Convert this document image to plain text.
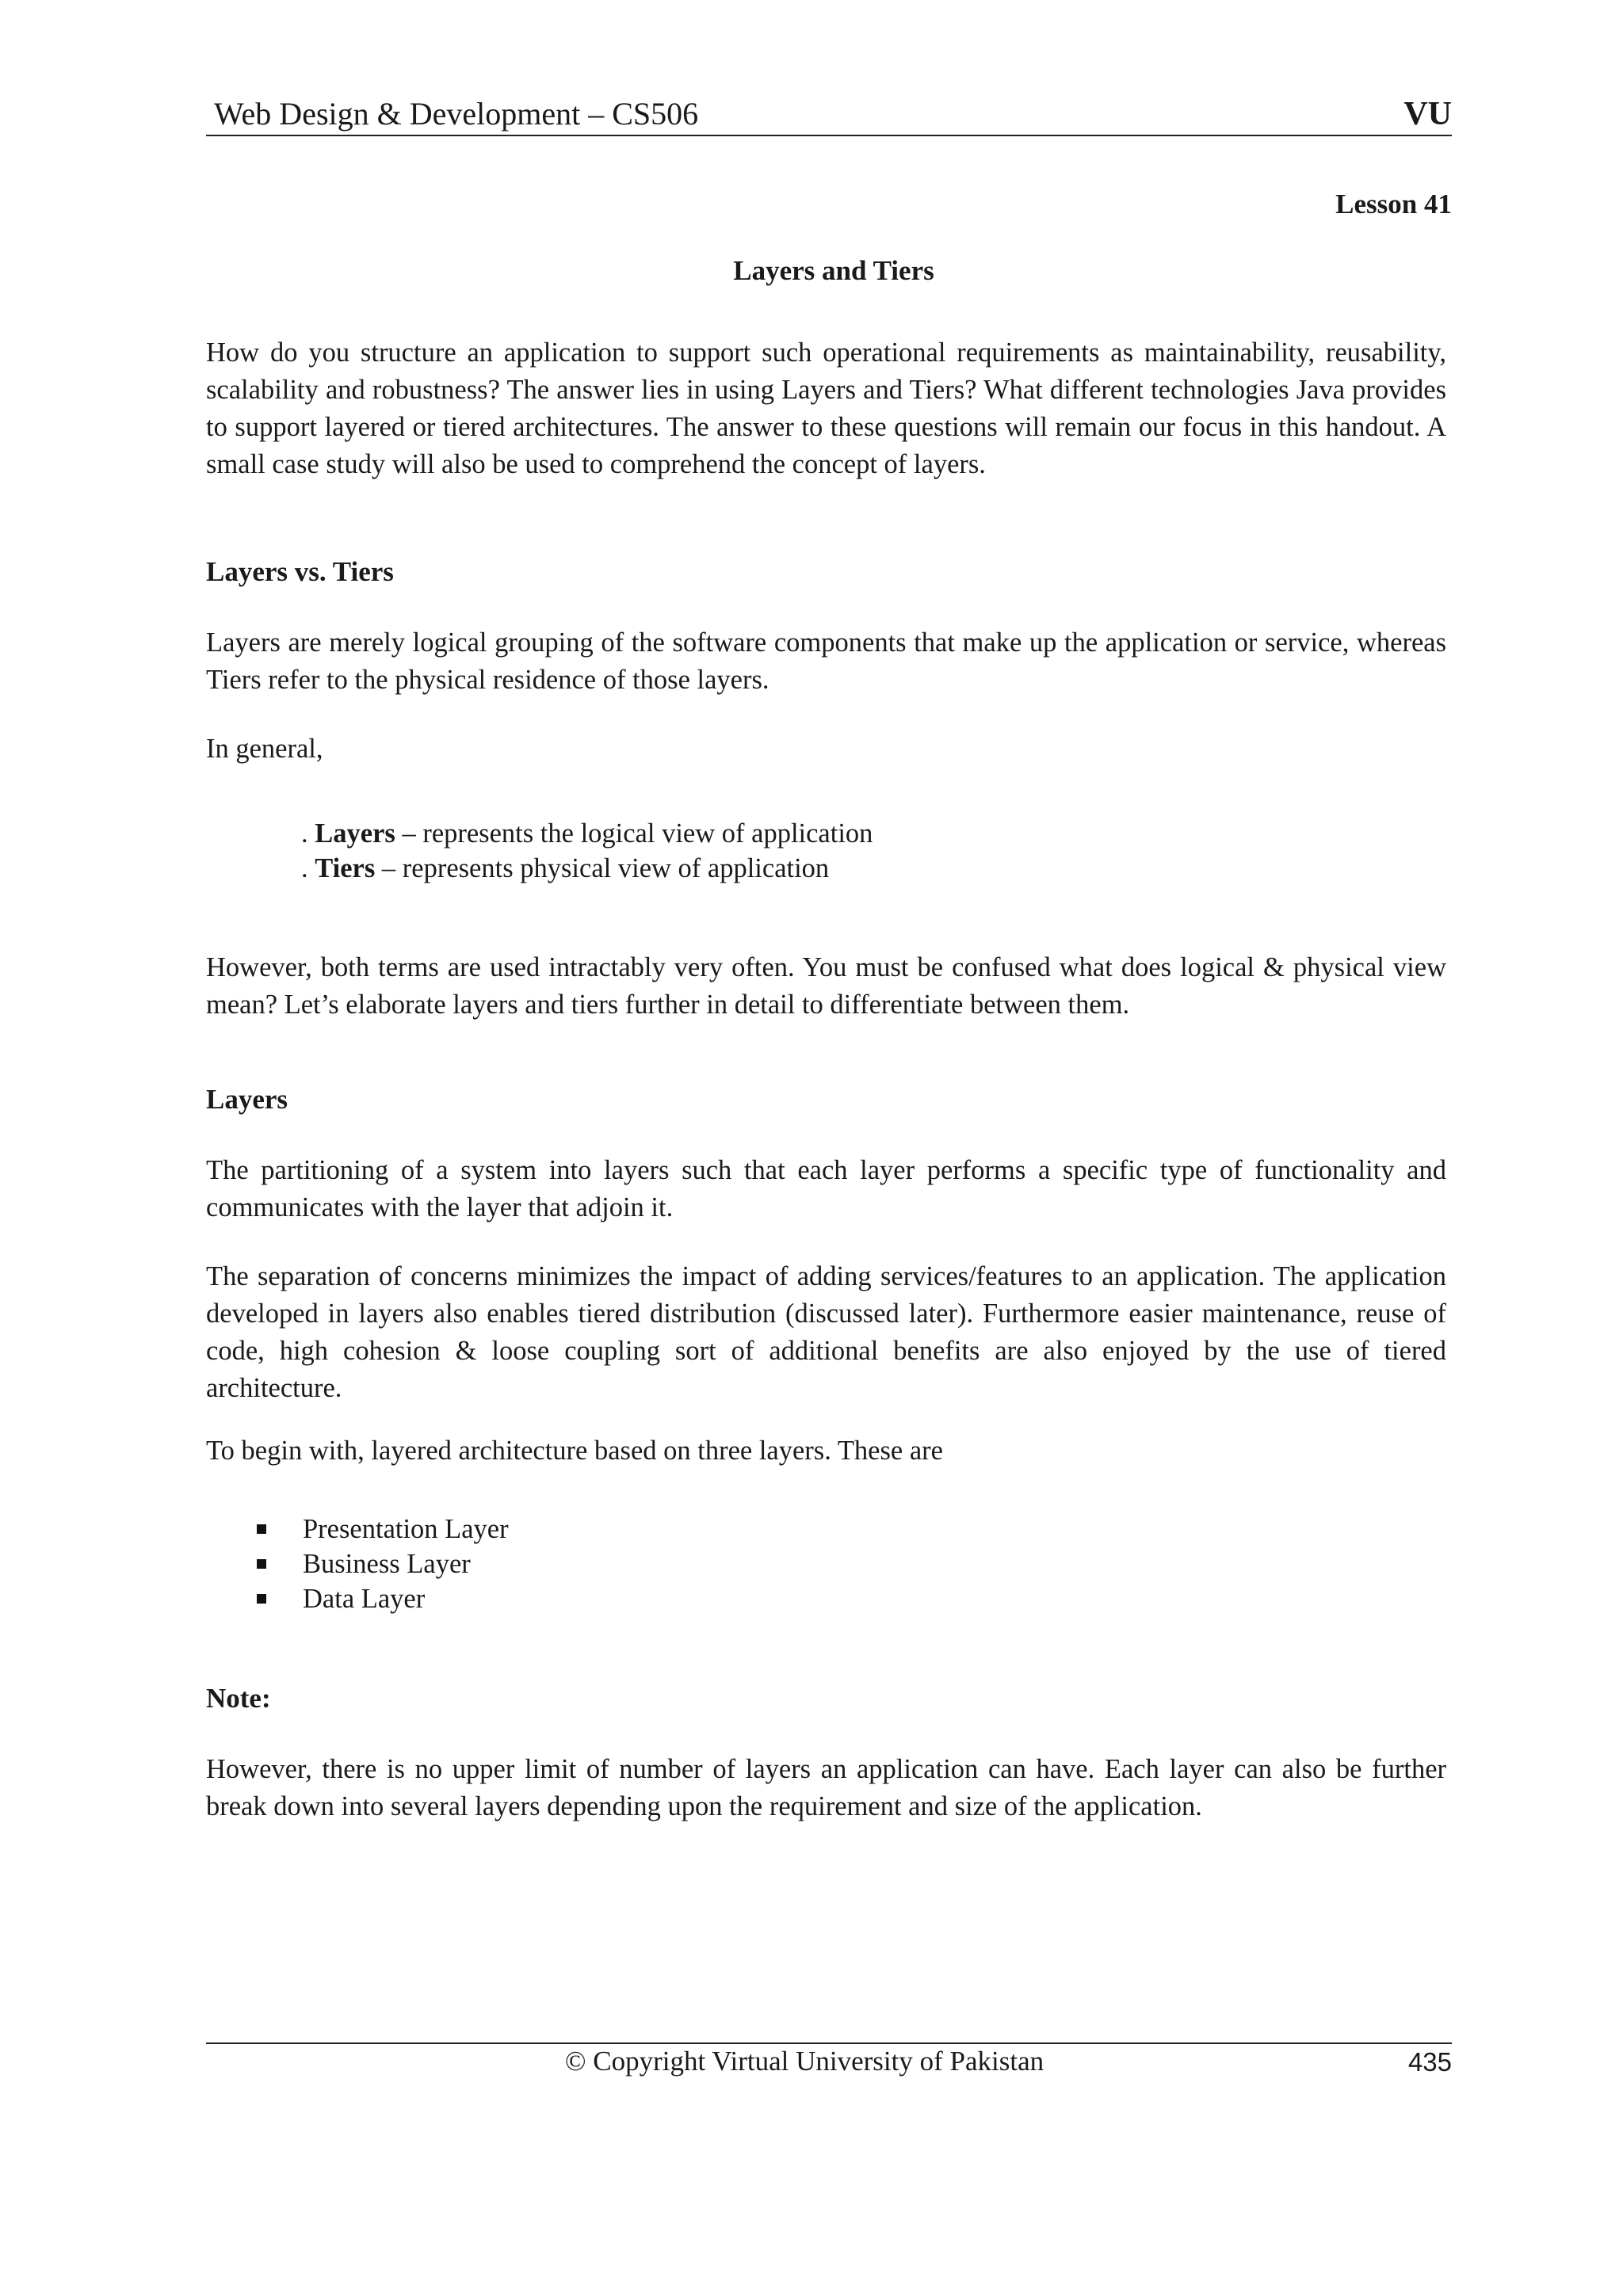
Web Design & Development – CS506	VU
Lesson 41
Layers and Tiers

How do you structure an application to support such operational requirements as maintainability, reusability, scalability and robustness? The answer lies in using Layers and Tiers? What different technologies Java provides to support layered or tiered architectures. The answer to these questions will remain our focus in this handout. A small case study will also be used to comprehend the concept of layers.

Layers vs. Tiers

Layers are merely logical grouping of the software components that make up the application or service, whereas Tiers refer to the physical residence of those layers.

In general,

. Layers – represents the logical view of application
. Tiers – represents physical view of application

However, both terms are used intractably very often. You must be confused what does logical & physical view mean? Let’s elaborate layers and tiers further in detail to differentiate between them.

Layers

The partitioning of a system into layers such that each layer performs a specific type of functionality and communicates with the layer that adjoin it.

The separation of concerns minimizes the impact of adding services/features to an application. The application developed in layers also enables tiered distribution (discussed later). Furthermore easier maintenance, reuse of code, high cohesion & loose coupling sort of additional benefits are also enjoyed by the use of tiered architecture.

To begin with, layered architecture based on three layers. These are

Presentation Layer
Business Layer
Data Layer

Note:

However, there is no upper limit of number of layers an application can have. Each layer can also be further break down into several layers depending upon the requirement and size of the application.

© Copyright Virtual University of Pakistan	435
